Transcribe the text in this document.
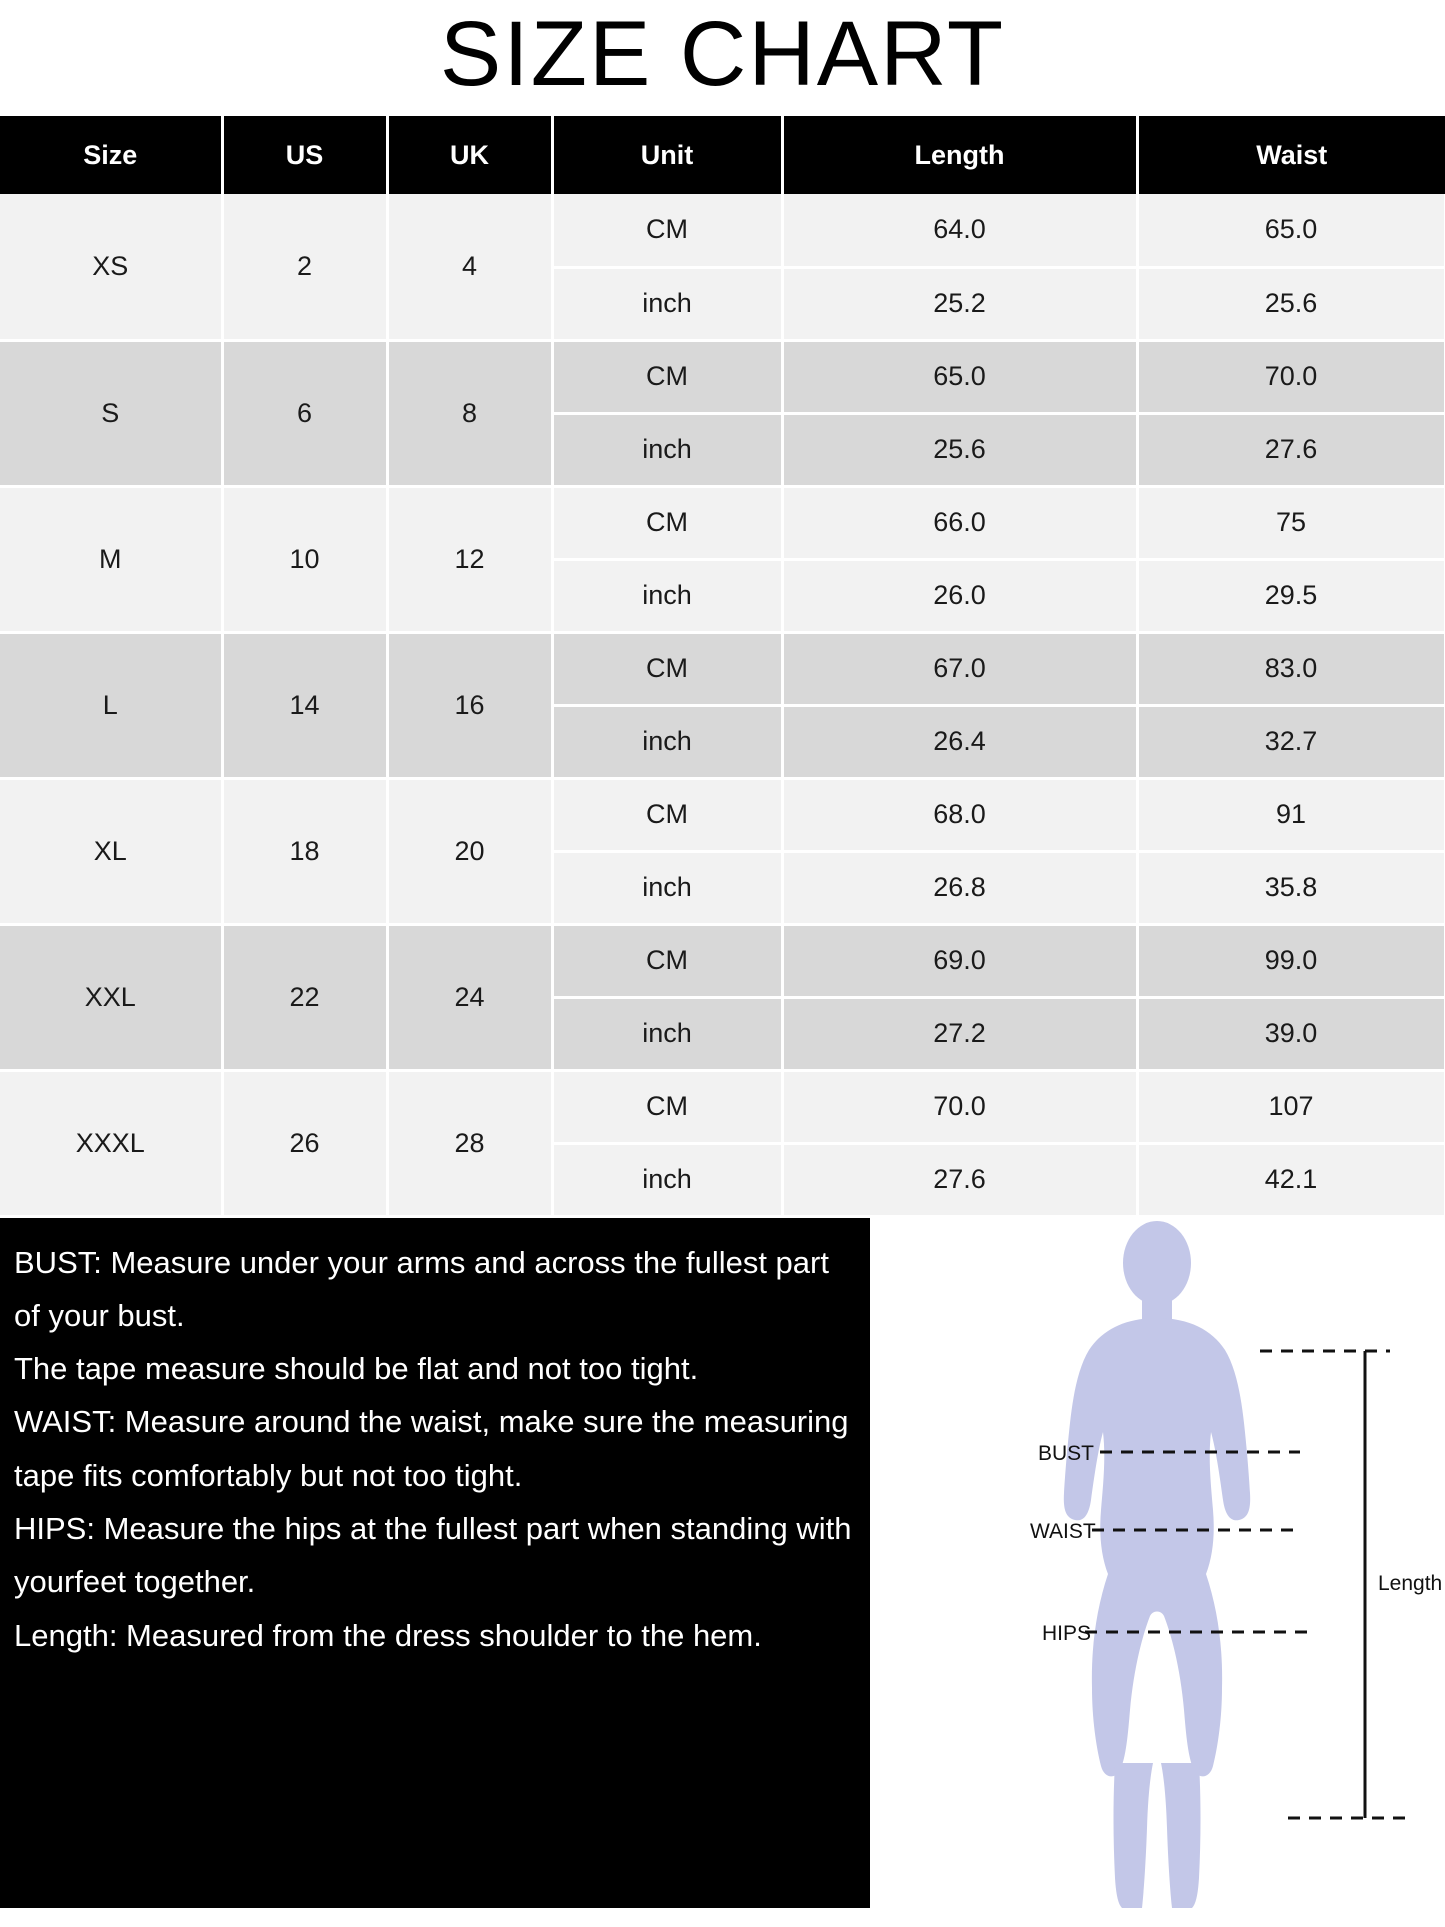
SIZE CHART
Size	US	UK	Unit	Length	Waist
XS	2	4	CM	64.0	65.0
			inch	25.2	25.6
S	6	8	CM	65.0	70.0
			inch	25.6	27.6
M	10	12	CM	66.0	75
			inch	26.0	29.5
L	14	16	CM	67.0	83.0
			inch	26.4	32.7
XL	18	20	CM	68.0	91
			inch	26.8	35.8
XXL	22	24	CM	69.0	99.0
			inch	27.2	39.0
XXXL	26	28	CM	70.0	107
			inch	27.6	42.1

BUST: Measure under your arms and across the fullest part of your bust.

The tape measure should be flat and not too tight.

WAIST: Measure around the waist, make sure the measuring tape fits comfortably but not too tight.

HIPS: Measure the hips at the fullest part when standing with yourfeet together.

Length: Measured from the dress shoulder to the hem.

BUST
WAIST
HIPS
Length
